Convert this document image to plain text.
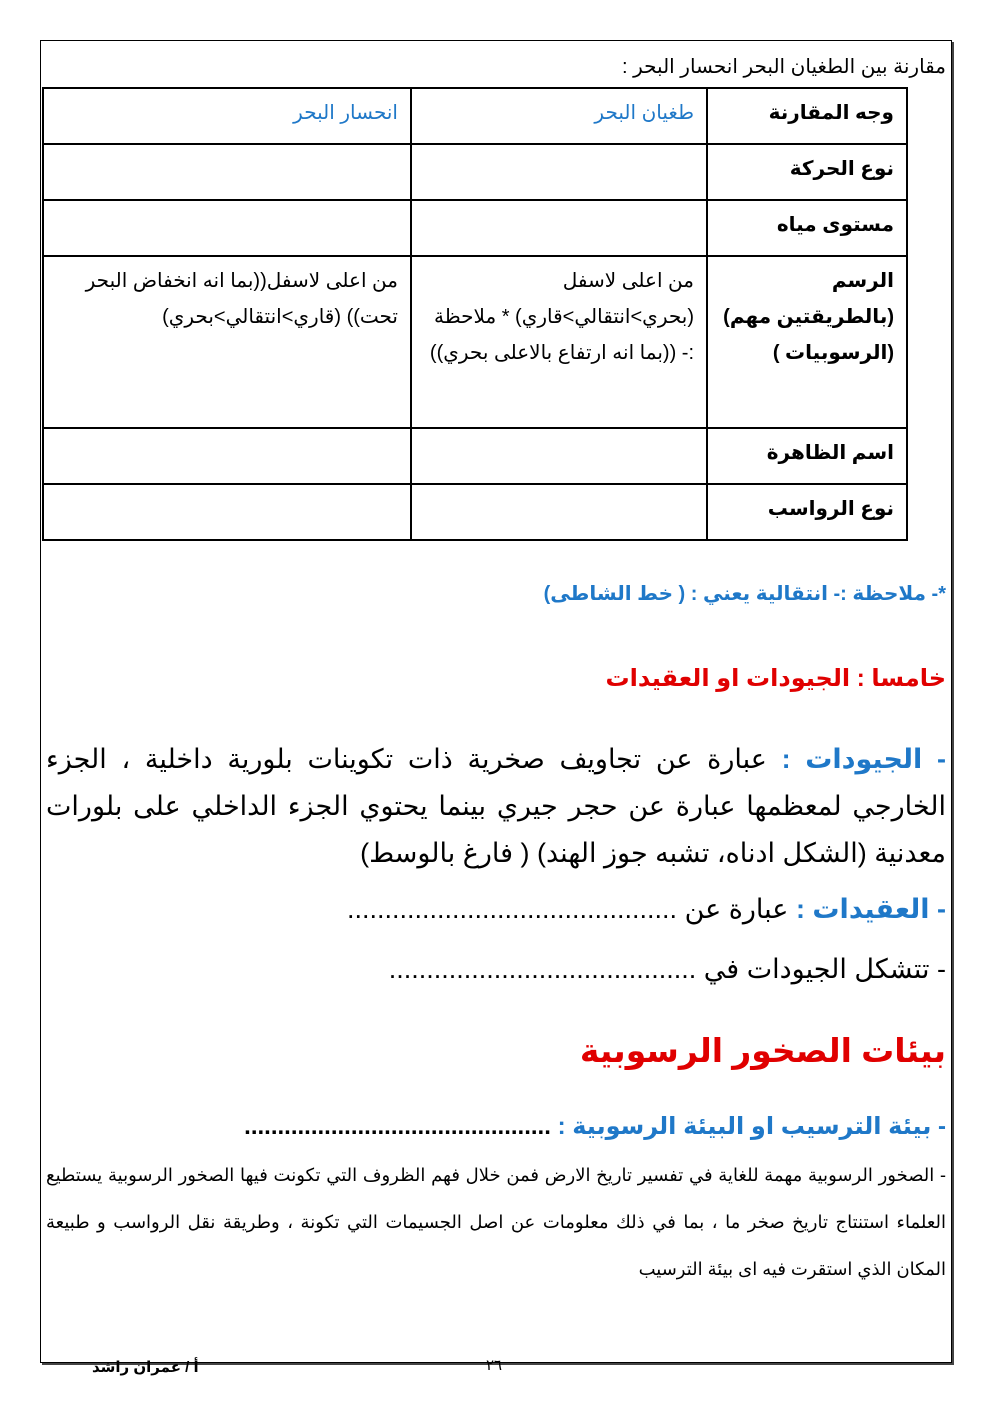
مقارنة بين الطغيان البحر انحسار البحر :
وجه المقارنة	طغيان البحر	انحسار البحر
نوع الحركة		
مستوى مياه		
الرسم (بالطريقتين مهم)(الرسوبيات )	من اعلى لاسفل (بحري>انتقالي>قاري) * ملاحظة :- ((بما انه ارتفاع بالاعلى بحري))	من اعلى لاسفل((بما انه انخفاض البحر تحت)) (قاري>انتقالي>بحري)
اسم الظاهرة		
نوع الرواسب		
*- ملاحظة :- انتقالية يعني : ( خط الشاطى)
خامسا : الجيودات او العقيدات
- الجيودات : عبارة عن تجاويف صخرية ذات تكوينات بلورية داخلية ، الجزء الخارجي لمعظمها عبارة عن حجر جيري بينما يحتوي الجزء الداخلي على بلورات معدنية (الشكل ادناه، تشبه جوز الهند) ( فارغ بالوسط)
- العقيدات : عبارة عن ............................................
- تتشكل الجيودات في .........................................
بيئات الصخور الرسوبية
- بيئة الترسيب او البيئة الرسوبية : ..............................................
- الصخور الرسوبية مهمة للغاية في تفسير تاريخ الارض فمن خلال فهم الظروف التي تكونت فيها الصخور الرسوبية يستطيع العلماء استنتاج تاريخ صخر ما ، بما في ذلك معلومات عن اصل الجسيمات التي تكونة ، وطريقة نقل الرواسب و طبيعة المكان الذي استقرت فيه اى بيئة الترسيب
أ / عمران راشد	٢٦
